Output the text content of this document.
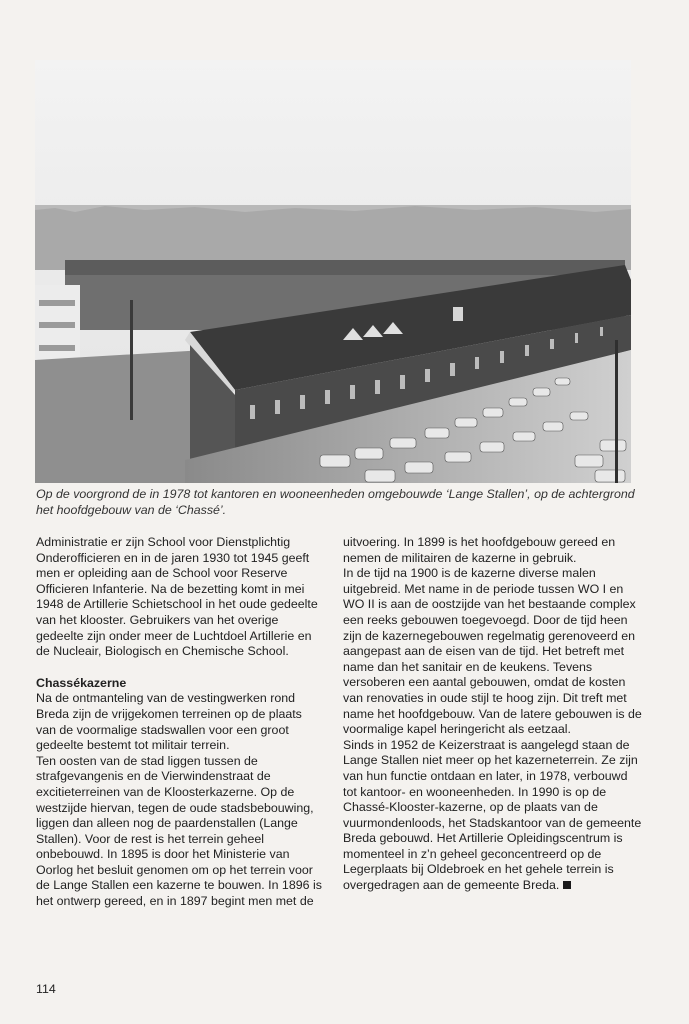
Op de voorgrond de in 1978 tot kantoren en wooneenheden omgebouwde ‘Lange Stallen’, op de achtergrond het hoofdgebouw van de ‘Chassé’.

Administratie er zijn School voor Dienstplichtig Onderofficieren en in de jaren 1930 tot 1945 geeft men er opleiding aan de School voor Reserve Officieren Infanterie. Na de bezetting komt in mei 1948 de Artillerie Schietschool in het oude gedeelte van het klooster. Gebruikers van het overige gedeelte zijn onder meer de Luchtdoel Artillerie en de Nucleair, Biologisch en Chemische School.

Chassékazerne

Na de ontmanteling van de vestingwerken rond Breda zijn de vrijgekomen terreinen op de plaats van de voormalige stadswallen voor een groot gedeelte bestemt tot militair terrein.

Ten oosten van de stad liggen tussen de strafgevangenis en de Vierwindenstraat de excitieterreinen van de Kloosterkazerne. Op de westzijde hiervan, tegen de oude stadsbebouwing, liggen dan alleen nog de paardenstallen (Lange Stallen). Voor de rest is het terrein geheel onbebouwd. In 1895 is door het Ministerie van Oorlog het besluit genomen om op het terrein voor de Lange Stallen een kazerne te bouwen. In 1896 is het ontwerp gereed, en in 1897 begint men met de

uitvoering. In 1899 is het hoofdgebouw gereed en nemen de militairen de kazerne in gebruik.

In de tijd na 1900 is de kazerne diverse malen uitgebreid. Met name in de periode tussen WO I en WO II is aan de oostzijde van het bestaande complex een reeks gebouwen toegevoegd. Door de tijd heen zijn de kazernegebouwen regelmatig gerenoveerd en aangepast aan de eisen van de tijd. Het betreft met name dan het sanitair en de keukens. Tevens versoberen een aantal gebouwen, omdat de kosten van renovaties in oude stijl te hoog zijn. Dit treft met name het hoofdgebouw. Van de latere gebouwen is de voormalige kapel heringericht als eetzaal.

Sinds in 1952 de Keizerstraat is aangelegd staan de Lange Stallen niet meer op het kazerneterrein. Ze zijn van hun functie ontdaan en later, in 1978, verbouwd tot kantoor- en wooneenheden. In 1990 is op de Chassé-Klooster-kazerne, op de plaats van de vuurmondenloods, het Stadskantoor van de gemeente Breda gebouwd. Het Artillerie Opleidingscentrum is momenteel in z’n geheel geconcentreerd op de Legerplaats bij Oldebroek en het gehele terrein is overgedragen aan de gemeente Breda.

114
